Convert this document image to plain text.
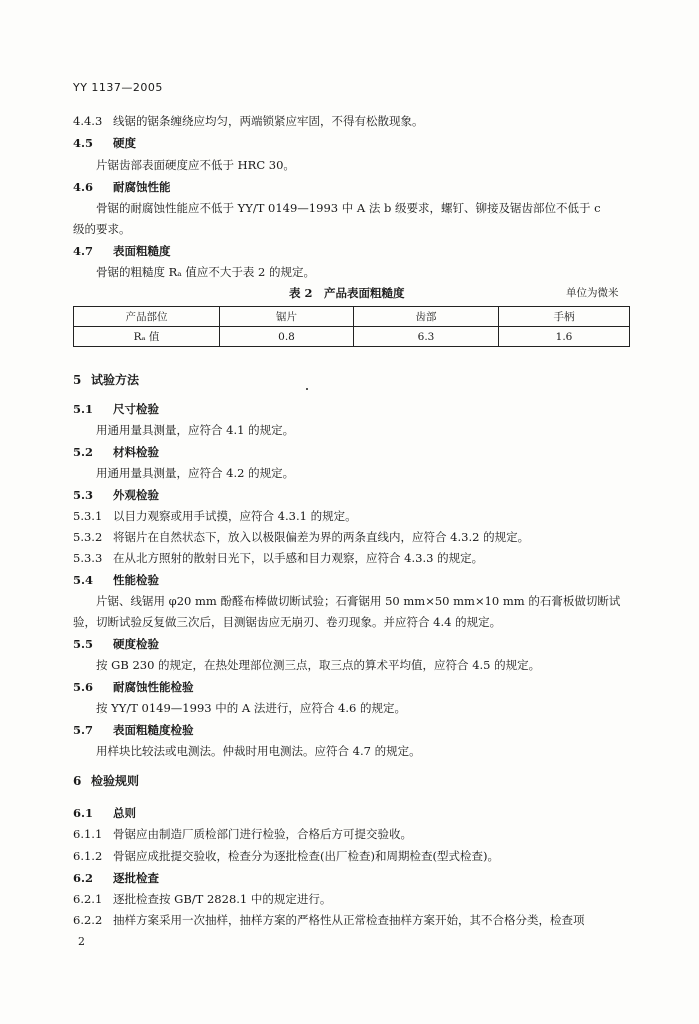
YY 1137—2005
4.4.3 线锯的锯条缠绕应均匀，两端锁紧应牢固，不得有松散现象。
4.5 硬度
片锯齿部表面硬度应不低于 HRC 30。
4.6 耐腐蚀性能
骨锯的耐腐蚀性能应不低于 YY/T 0149—1993 中 A 法 b 级要求，螺钉、铆接及锯齿部位不低于 c
级的要求。
4.7 表面粗糙度
骨锯的粗糙度 Rₐ 值应不大于表 2 的规定。
表 2　产品表面粗糙度	单位为微米
产品部位	锯片	齿部	手柄
Rₐ 值	0.8	6.3	1.6
5 试验方法
5.1 尺寸检验
用通用量具测量，应符合 4.1 的规定。
5.2 材料检验
用通用量具测量，应符合 4.2 的规定。
5.3 外观检验
5.3.1 以目力观察或用手试摸，应符合 4.3.1 的规定。
5.3.2 将锯片在自然状态下，放入以极限偏差为界的两条直线内，应符合 4.3.2 的规定。
5.3.3 在从北方照射的散射日光下，以手感和目力观察，应符合 4.3.3 的规定。
5.4 性能检验
片锯、线锯用 φ20 mm 酚醛布棒做切断试验；石膏锯用 50 mm×50 mm×10 mm 的石膏板做切断试
验，切断试验反复做三次后，目测锯齿应无崩刃、卷刃现象。并应符合 4.4 的规定。
5.5 硬度检验
按 GB 230 的规定，在热处理部位测三点，取三点的算术平均值，应符合 4.5 的规定。
5.6 耐腐蚀性能检验
按 YY/T 0149—1993 中的 A 法进行，应符合 4.6 的规定。
5.7 表面粗糙度检验
用样块比较法或电测法。仲裁时用电测法。应符合 4.7 的规定。
6 检验规则
6.1 总则
6.1.1 骨锯应由制造厂质检部门进行检验，合格后方可提交验收。
6.1.2 骨锯应成批提交验收，检查分为逐批检查(出厂检查)和周期检查(型式检查)。
6.2 逐批检查
6.2.1 逐批检查按 GB/T 2828.1 中的规定进行。
6.2.2 抽样方案采用一次抽样，抽样方案的严格性从正常检查抽样方案开始，其不合格分类，检查项
2
